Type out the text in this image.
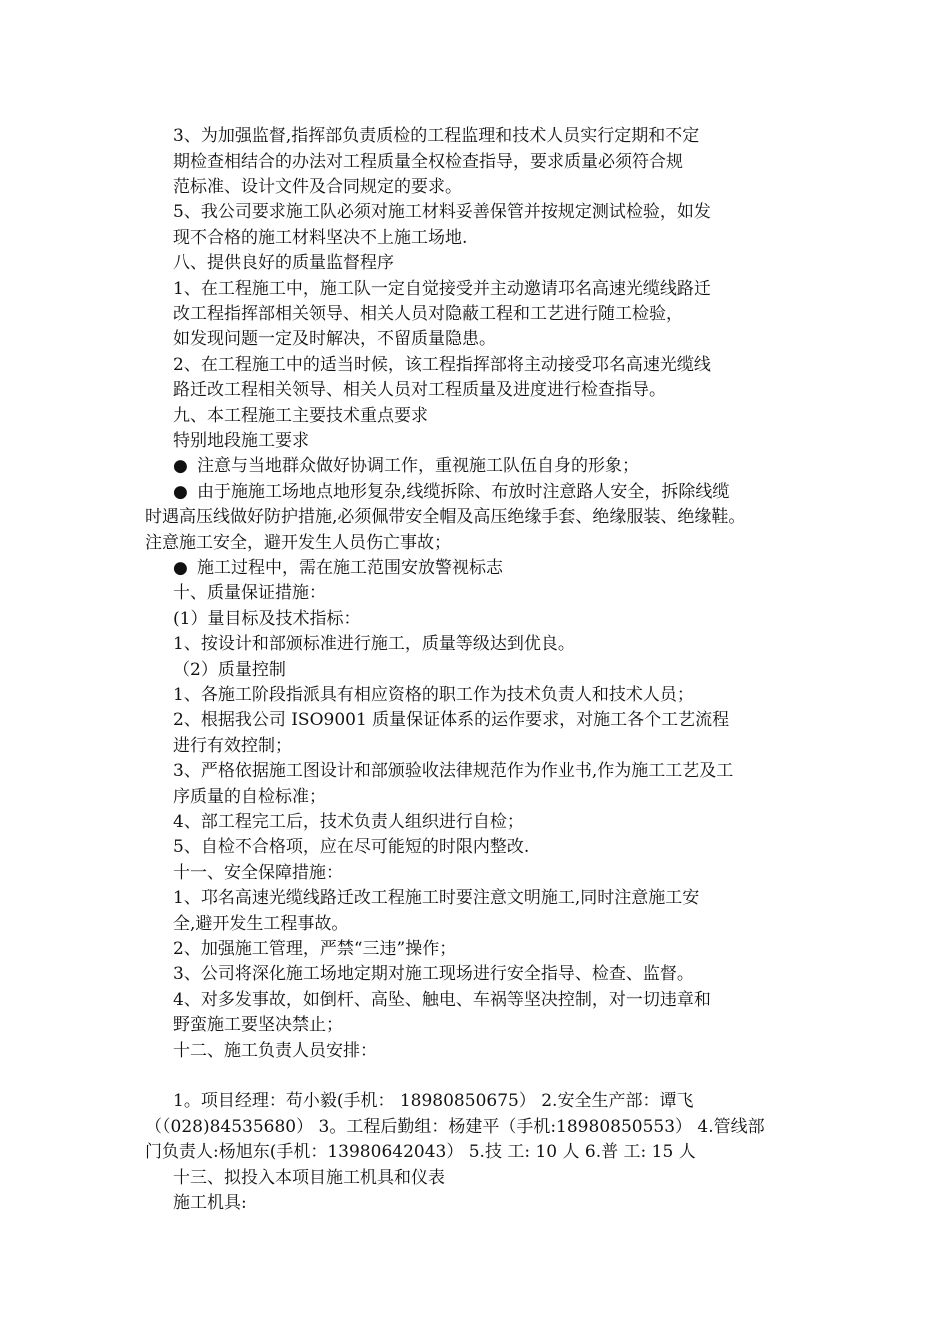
3、为加强监督,指挥部负责质检的工程监理和技术人员实行定期和不定
期检查相结合的办法对工程质量全权检查指导，要求质量必须符合规
范标准、设计文件及合同规定的要求。
5、我公司要求施工队必须对施工材料妥善保管并按规定测试检验，如发
现不合格的施工材料坚决不上施工场地.
八、提供良好的质量监督程序
1、在工程施工中，施工队一定自觉接受并主动邀请邛名高速光缆线路迁
改工程指挥部相关领导、相关人员对隐蔽工程和工艺进行随工检验，
如发现问题一定及时解决，不留质量隐患。
2、在工程施工中的适当时候，该工程指挥部将主动接受邛名高速光缆线
路迁改工程相关领导、相关人员对工程质量及进度进行检查指导。
九、本工程施工主要技术重点要求
特别地段施工要求
● 注意与当地群众做好协调工作，重视施工队伍自身的形象；
● 由于施施工场地点地形复杂,线缆拆除、布放时注意路人安全，拆除线缆
时遇高压线做好防护措施,必须佩带安全帽及高压绝缘手套、绝缘服装、绝缘鞋。
注意施工安全，避开发生人员伤亡事故；
● 施工过程中，需在施工范围安放警视标志
十、质量保证措施：
(1）量目标及技术指标：
1、按设计和部颁标准进行施工，质量等级达到优良。
（2）质量控制
1、各施工阶段指派具有相应资格的职工作为技术负责人和技术人员；
2、根据我公司 ISO9001 质量保证体系的运作要求，对施工各个工艺流程
进行有效控制；
3、严格依据施工图设计和部颁验收法律规范作为作业书,作为施工工艺及工
序质量的自检标准；
4、部工程完工后，技术负责人组织进行自检；
5、自检不合格项，应在尽可能短的时限内整改.
十一、安全保障措施：
1、邛名高速光缆线路迁改工程施工时要注意文明施工,同时注意施工安
全,避开发生工程事故。
2、加强施工管理，严禁“三违”操作；
3、公司将深化施工场地定期对施工现场进行安全指导、检查、监督。
4、对多发事故，如倒杆、高坠、触电、车祸等坚决控制，对一切违章和
野蛮施工要坚决禁止；
十二、施工负责人员安排：
1。项目经理：苟小毅(手机： 18980850675） 2.安全生产部：谭飞
（（028)84535680） 3。工程后勤组：杨建平（手机:18980850553） 4.管线部
门负责人:杨旭东(手机：13980642043） 5.技 工: 10 人 6.普 工: 15 人
十三、拟投入本项目施工机具和仪表
施工机具:
